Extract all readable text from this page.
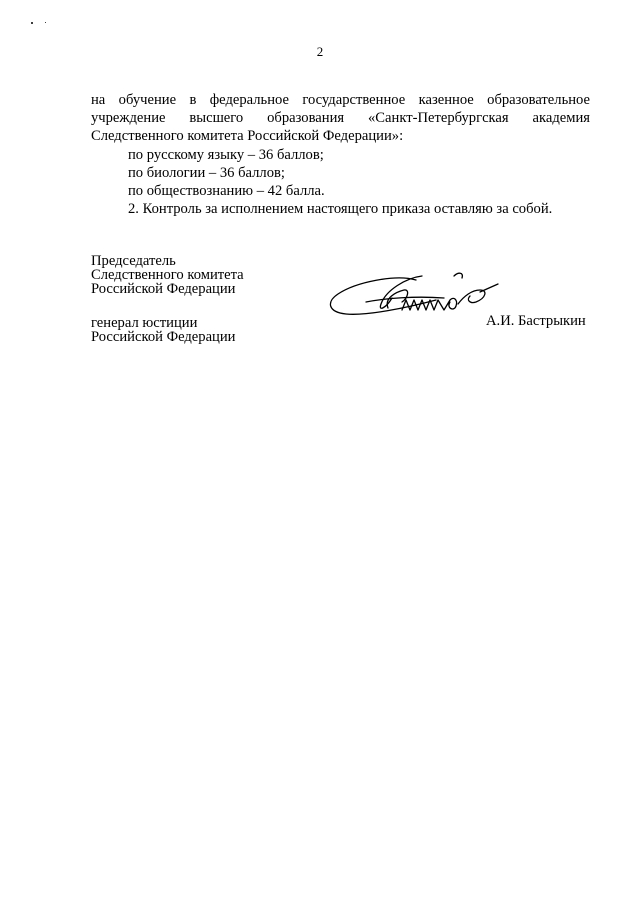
2
на обучение в федеральное государственное казенное образовательное
учреждение высшего образования «Санкт-Петербургская академия
Следственного комитета Российской Федерации»:
по русскому языку – 36 баллов;
по биологии – 36 баллов;
по обществознанию – 42 балла.
2. Контроль за исполнением настоящего приказа оставляю за собой.
Председатель
Следственного комитета
Российской Федерации
генерал юстиции
Российской Федерации
А.И. Бастрыкин
